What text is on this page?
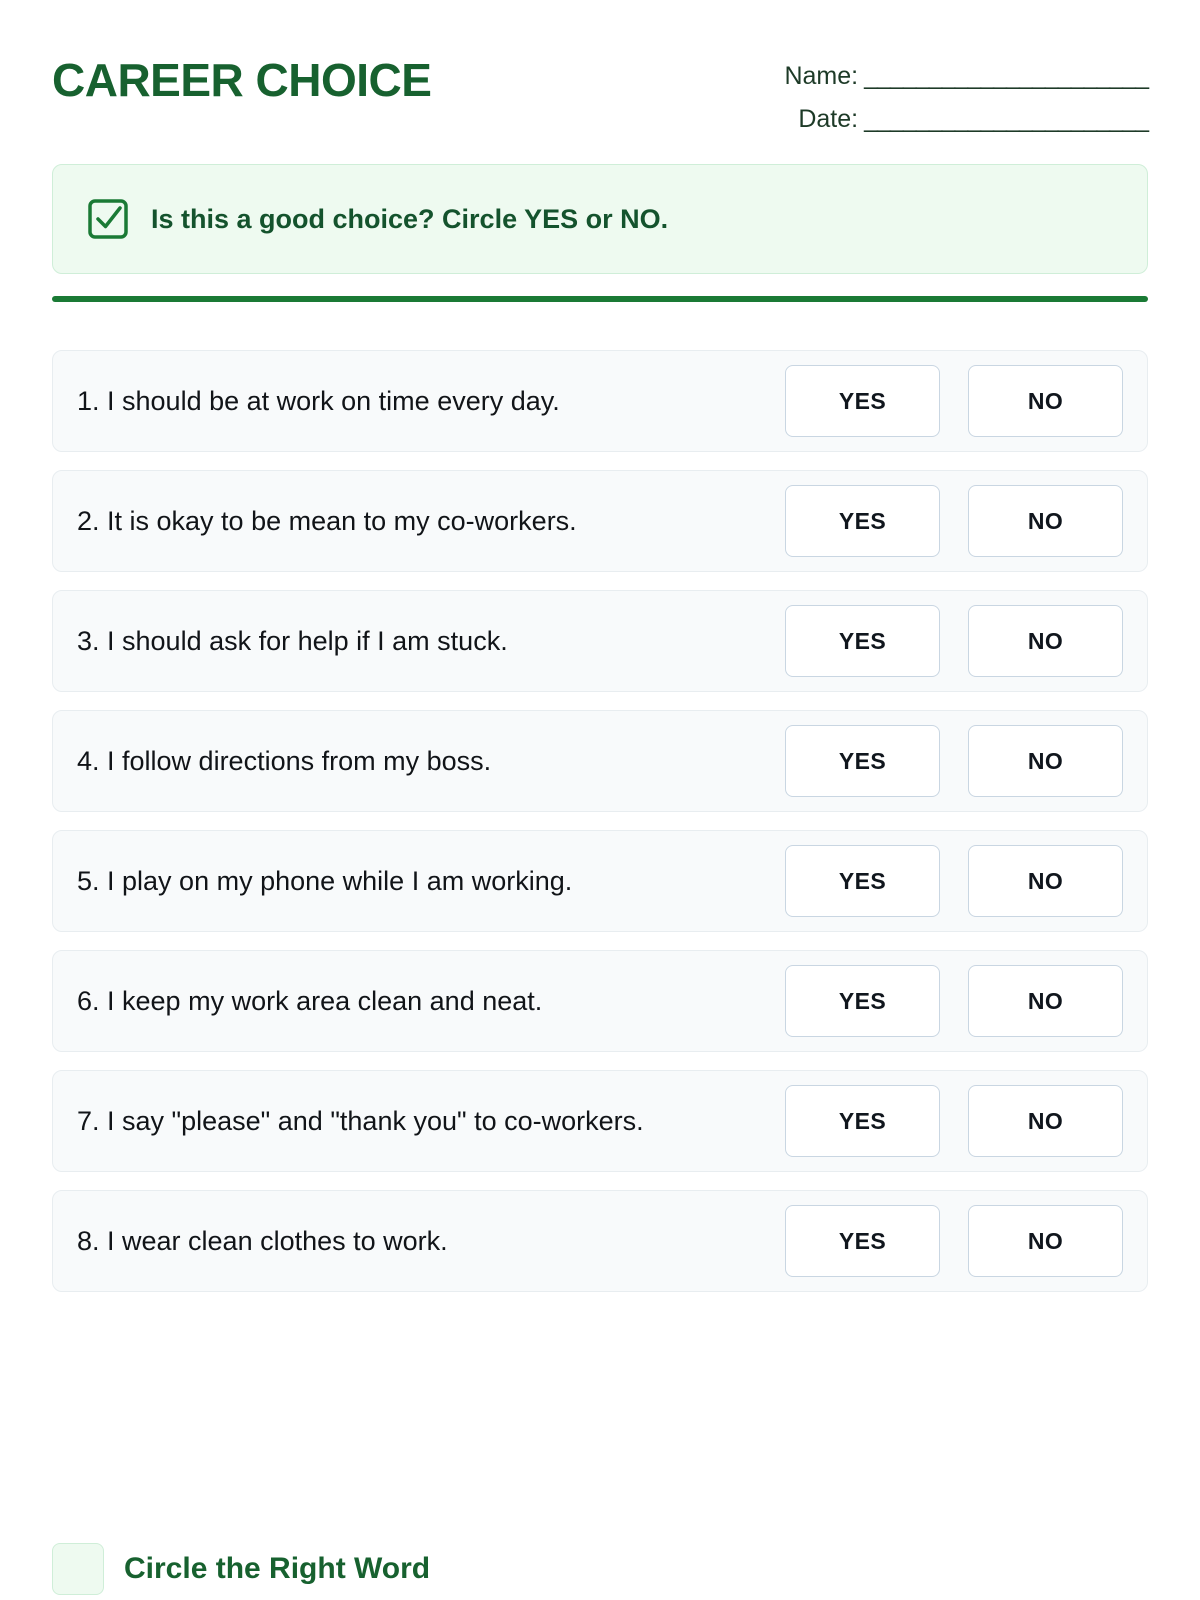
CAREER CHOICE	Name: ______________________
Date: ______________________
Is this a good choice? Circle YES or NO.
1. I should be at work on time every day.	YES	NO
2. It is okay to be mean to my co-workers.	YES	NO
3. I should ask for help if I am stuck.	YES	NO
4. I follow directions from my boss.	YES	NO
5. I play on my phone while I am working.	YES	NO
6. I keep my work area clean and neat.	YES	NO
7. I say "please" and "thank you" to co-workers.	YES	NO
8. I wear clean clothes to work.	YES	NO
Circle the Right Word
